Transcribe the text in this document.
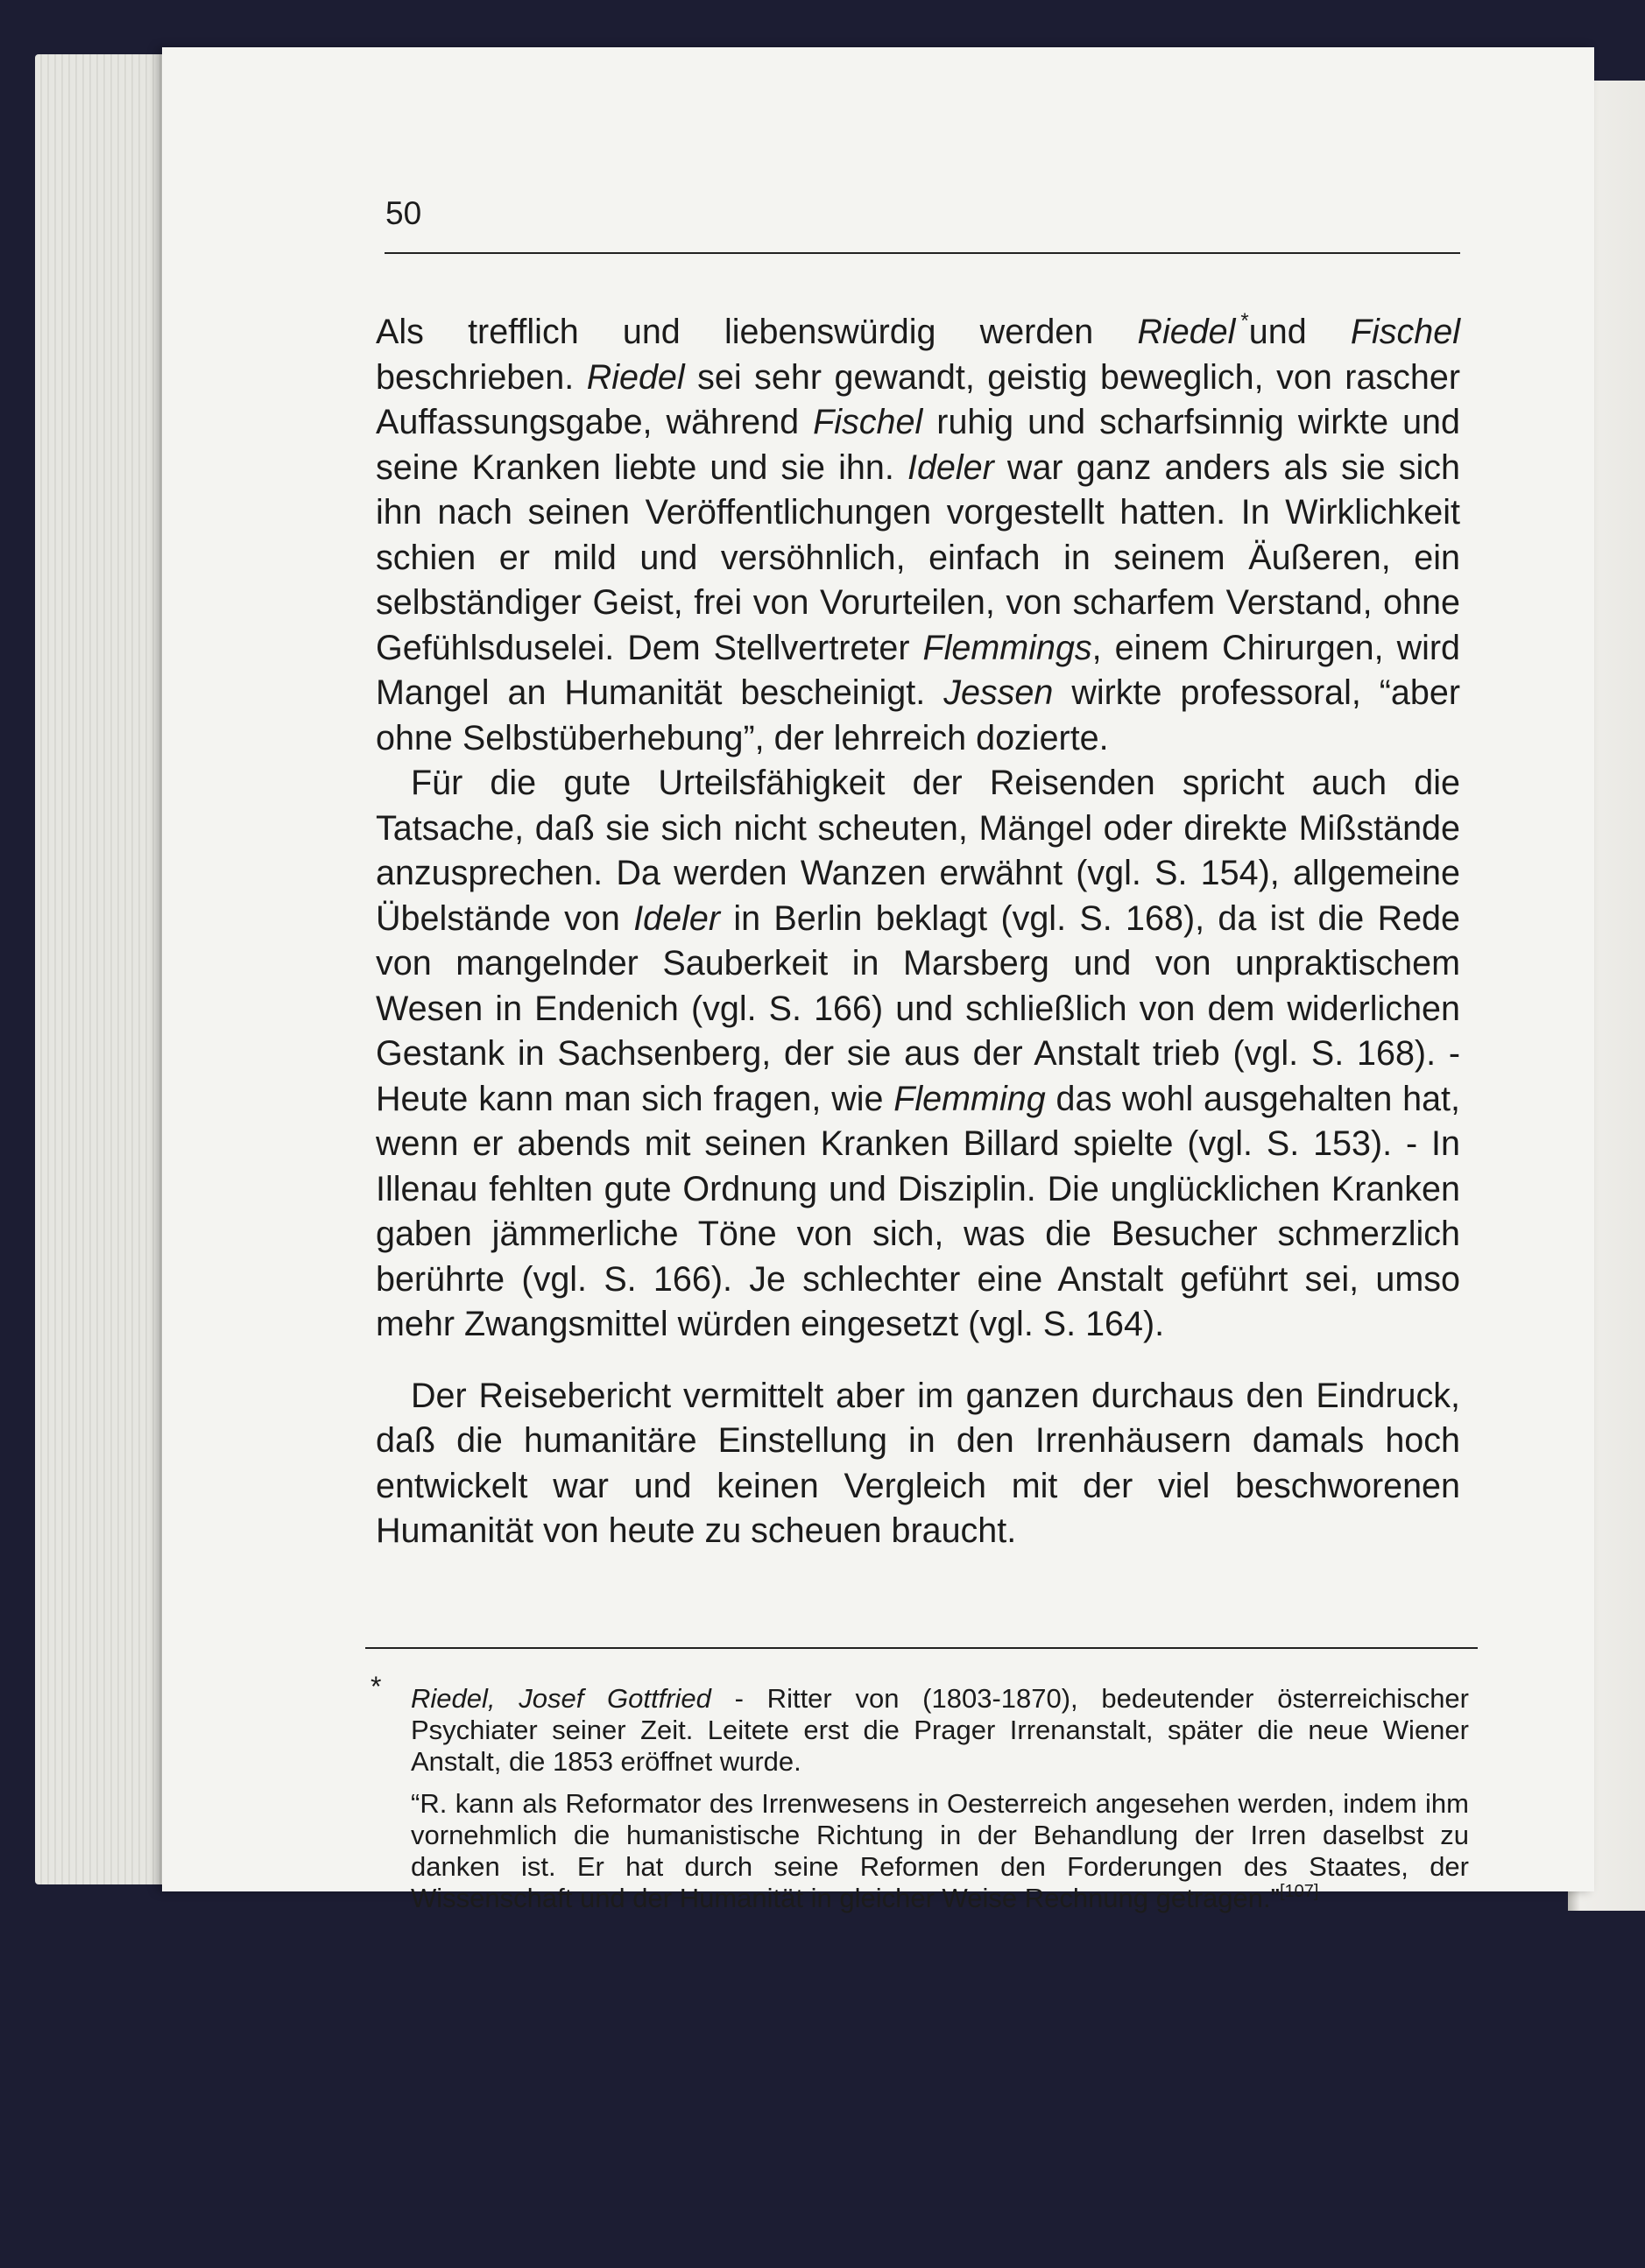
50

Als trefflich und liebenswürdig werden Riedel *und Fischel beschrieben. Riedel sei sehr gewandt, geistig beweglich, von rascher Auffassungsgabe, während Fischel ruhig und scharfsinnig wirkte und seine Kranken liebte und sie ihn. Ideler war ganz anders als sie sich ihn nach seinen Veröffentlichungen vorgestellt hatten. In Wirklichkeit schien er mild und versöhnlich, einfach in seinem Äußeren, ein selbständiger Geist, frei von Vorurteilen, von scharfem Verstand, ohne Gefühlsduselei. Dem Stellvertreter Flemmings, einem Chirurgen, wird Mangel an Humanität bescheinigt. Jessen wirkte professoral, “aber ohne Selbstüberhebung”, der lehrreich dozierte.

Für die gute Urteilsfähigkeit der Reisenden spricht auch die Tatsache, daß sie sich nicht scheuten, Mängel oder direkte Mißstände anzusprechen. Da werden Wanzen erwähnt (vgl. S. 154), allgemeine Übelstände von Ideler in Berlin beklagt (vgl. S. 168), da ist die Rede von mangelnder Sauberkeit in Marsberg und von unpraktischem Wesen in Endenich (vgl. S. 166) und schließlich von dem widerlichen Gestank in Sachsenberg, der sie aus der Anstalt trieb (vgl. S. 168). - Heute kann man sich fragen, wie Flemming das wohl ausgehalten hat, wenn er abends mit seinen Kranken Billard spielte (vgl. S. 153). - In Illenau fehlten gute Ordnung und Disziplin. Die unglücklichen Kranken gaben jämmerliche Töne von sich, was die Besucher schmerzlich berührte (vgl. S. 166). Je schlechter eine Anstalt geführt sei, umso mehr Zwangsmittel würden eingesetzt (vgl. S. 164).

Der Reisebericht vermittelt aber im ganzen durchaus den Eindruck, daß die humanitäre Einstellung in den Irrenhäusern damals hoch entwickelt war und keinen Vergleich mit der viel beschworenen Humanität von heute zu scheuen braucht.

* Riedel, Josef Gottfried - Ritter von (1803-1870), bedeutender österreichischer Psychiater seiner Zeit. Leitete erst die Prager Irrenanstalt, später die neue Wiener Anstalt, die 1853 eröffnet wurde.

“R. kann als Reformator des Irrenwesens in Oesterreich angesehen werden, indem ihm vornehmlich die humanistische Richtung in der Behandlung der Irren daselbst zu danken ist. Er hat durch seine Reformen den Forderungen des Staates, der Wissenschaft und der Humanität in gleicher Weise Rechnung getragen.”[107]
